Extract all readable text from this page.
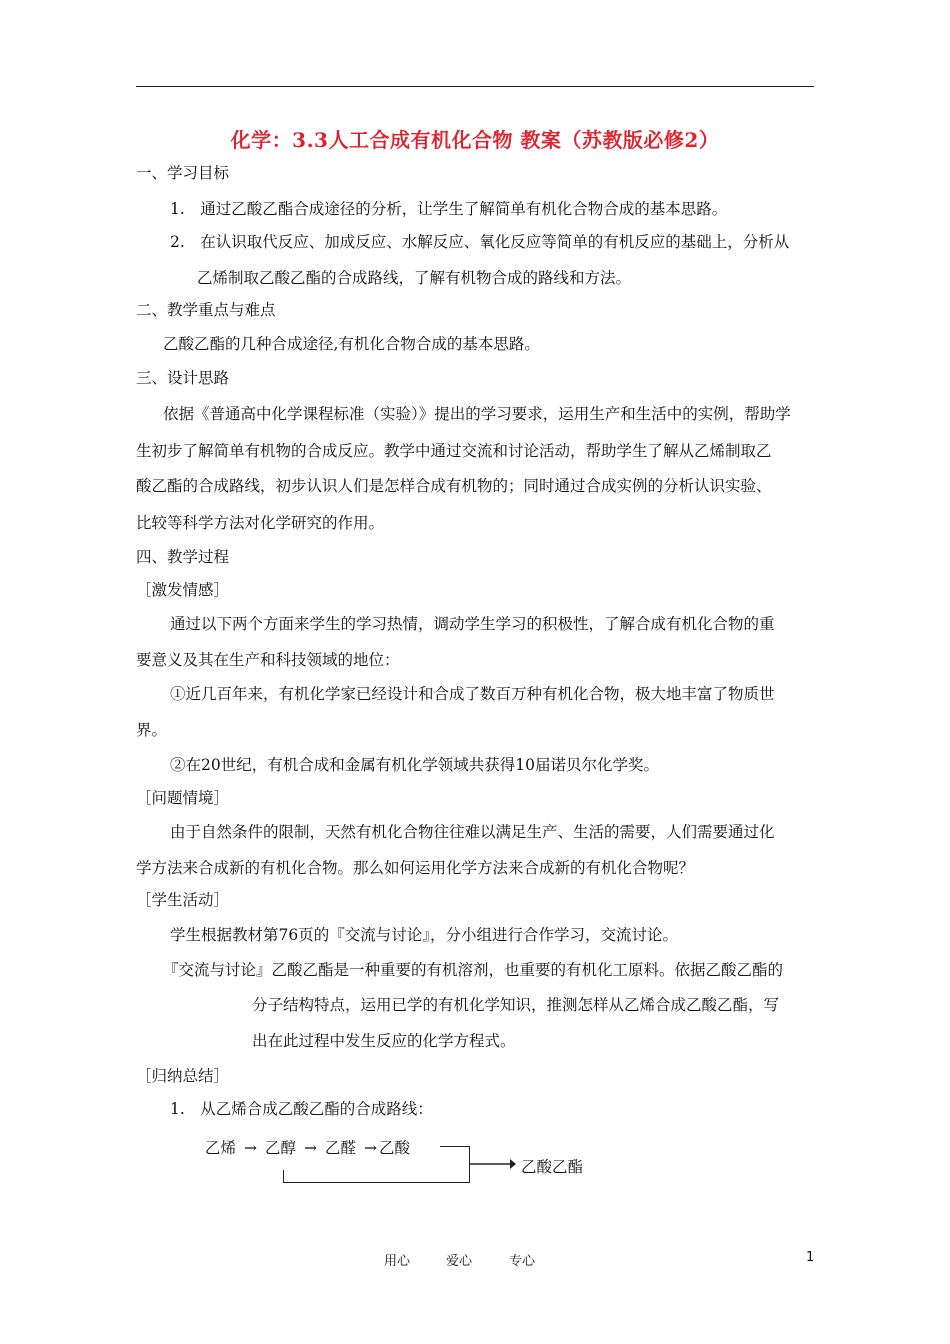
化学：3.3人工合成有机化合物 教案（苏教版必修2）
一、学习目标
1.　通过乙酸乙酯合成途径的分析，让学生了解简单有机化合物合成的基本思路。
2.　在认识取代反应、加成反应、水解反应、氧化反应等简单的有机反应的基础上，分析从
乙烯制取乙酸乙酯的合成路线，了解有机物合成的路线和方法。
二、教学重点与难点
乙酸乙酯的几种合成途径,有机化合物合成的基本思路。
三、设计思路
依据《普通高中化学课程标准（实验）》提出的学习要求，运用生产和生活中的实例，帮助学
生初步了解简单有机物的合成反应。教学中通过交流和讨论活动，帮助学生了解从乙烯制取乙
酸乙酯的合成路线，初步认识人们是怎样合成有机物的；同时通过合成实例的分析认识实验、
比较等科学方法对化学研究的作用。
四、教学过程
［激发情感］
通过以下两个方面来学生的学习热情，调动学生学习的积极性，了解合成有机化合物的重
要意义及其在生产和科技领域的地位：
①近几百年来，有机化学家已经设计和合成了数百万种有机化合物，极大地丰富了物质世
界。
②在20世纪，有机合成和金属有机化学领域共获得10届诺贝尔化学奖。
［问题情境］
由于自然条件的限制，天然有机化合物往往难以满足生产、生活的需要，人们需要通过化
学方法来合成新的有机化合物。那么如何运用化学方法来合成新的有机化合物呢？
［学生活动］
学生根据教材第76页的『交流与讨论』，分小组进行合作学习，交流讨论。
『交流与讨论』乙酸乙酯是一种重要的有机溶剂，也重要的有机化工原料。依据乙酸乙酯的
分子结构特点，运用已学的有机化学知识，推测怎样从乙烯合成乙酸乙酯，写
出在此过程中发生反应的化学方程式。
［归纳总结］
1.　从乙烯合成乙酸乙酯的合成路线：
乙烯 → 乙醇 → 乙醛 → 乙酸
乙酸乙酯
用心	爱心	专心	1
